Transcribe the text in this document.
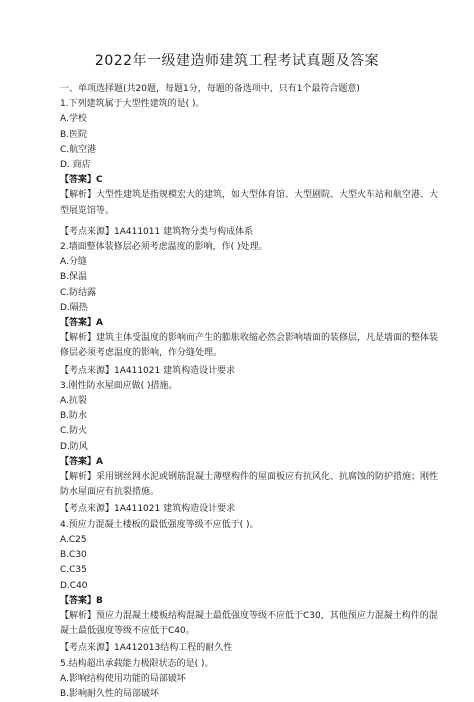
2022年一级建造师建筑工程考试真题及答案
一、单项选择题(共20题，每题1分，每题的备选项中，只有1个最符合题意)
1.下列建筑属于大型性建筑的是( )。
A.学校
B.医院
C.航空港
D. 商店
【答案】C
【解析】大型性建筑是指规模宏大的建筑，如大型体育馆、大型剧院、大型火车站和航空港、大型展览馆等。
【考点来源】1A411011 建筑物分类与构成体系
2.墙面整体装修层必须考虑温度的影响，作( )处理。
A.分缝
B.保温
C.防结露
D.隔热
【答案】A
【解析】建筑主体受温度的影响而产生的膨胀收缩必然会影响墙面的装修层，凡是墙面的整体装修层必须考虑温度的影响，作分缝处理。
【考点来源】1A411021 建筑构造设计要求
3.刚性防水屋面应做( )措施。
A.抗裂
B.防水
C.防火
D.防风
【答案】A
【解析】采用钢丝网水泥或钢筋混凝土薄壁构件的屋面板应有抗风化、抗腐蚀的防护措施；刚性防水屋面应有抗裂措施。
【考点来源】1A411021 建筑构造设计要求
4.预应力混凝土楼板的最低强度等级不应低于( )。
A.C25
B.C30
C.C35
D.C40
【答案】B
【解析】预应力混凝土楼板结构混凝土最低强度等级不应低于C30，其他预应力混凝土构件的混凝土最低强度等级不应低于C40。
【考点来源】1A412013结构工程的耐久性
5.结构超出承载能力极限状态的是( )。
A.影响结构使用功能的局部破坏
B.影响耐久性的局部破坏
